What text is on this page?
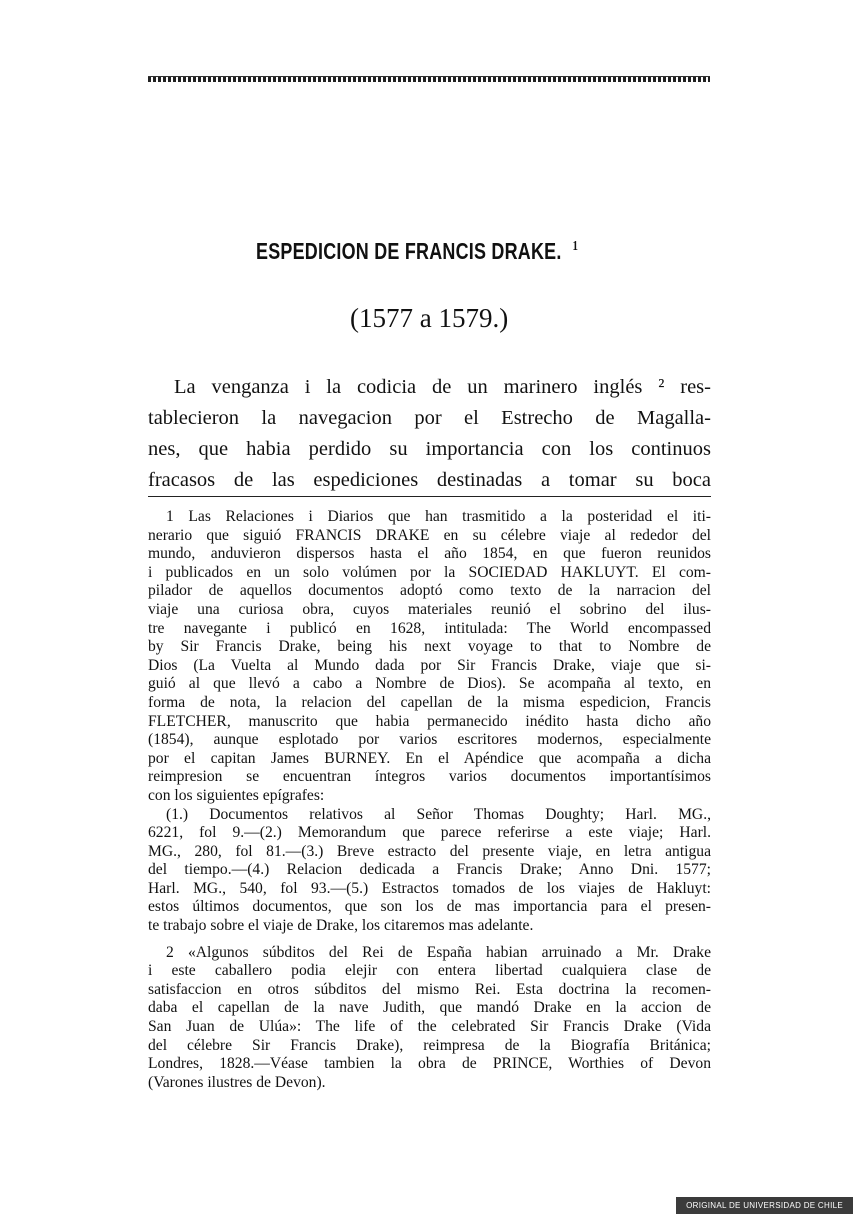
ESPEDICION DE FRANCIS DRAKE. $^1$
(1577 a 1579.)
La venganza i la codicia de un marinero inglés ² res-
tablecieron la navegacion por el Estrecho de Magalla-
nes, que habia perdido su importancia con los continuos
fracasos de las espediciones destinadas a tomar su boca
1 Las Relaciones i Diarios que han trasmitido a la posteridad el iti-
nerario que siguió FRANCIS DRAKE en su célebre viaje al rededor del
mundo, anduvieron dispersos hasta el año 1854, en que fueron reunidos
i publicados en un solo volúmen por la SOCIEDAD HAKLUYT. El com-
pilador de aquellos documentos adoptó como texto de la narracion del
viaje una curiosa obra, cuyos materiales reunió el sobrino del ilus-
tre navegante i publicó en 1628, intitulada: The World encompassed
by Sir Francis Drake, being his next voyage to that to Nombre de
Dios (La Vuelta al Mundo dada por Sir Francis Drake, viaje que si-
guió al que llevó a cabo a Nombre de Dios). Se acompaña al texto, en
forma de nota, la relacion del capellan de la misma espedicion, Francis
FLETCHER, manuscrito que habia permanecido inédito hasta dicho año
(1854), aunque esplotado por varios escritores modernos, especialmente
por el capitan James BURNEY. En el Apéndice que acompaña a dicha
reimpresion se encuentran íntegros varios documentos importantísimos
con los siguientes epígrafes:
(1.) Documentos relativos al Señor Thomas Doughty; Harl. MG.,
6221, fol 9.—(2.) Memorandum que parece referirse a este viaje; Harl.
MG., 280, fol 81.—(3.) Breve estracto del presente viaje, en letra antigua
del tiempo.—(4.) Relacion dedicada a Francis Drake; Anno Dni. 1577;
Harl. MG., 540, fol 93.—(5.) Estractos tomados de los viajes de Hakluyt:
estos últimos documentos, que son los de mas importancia para el presen-
te trabajo sobre el viaje de Drake, los citaremos mas adelante.
2 «Algunos súbditos del Rei de España habian arruinado a Mr. Drake
i este caballero podia elejir con entera libertad cualquiera clase de
satisfaccion en otros súbditos del mismo Rei. Esta doctrina la recomen-
daba el capellan de la nave Judith, que mandó Drake en la accion de
San Juan de Ulúa»: The life of the celebrated Sir Francis Drake (Vida
del célebre Sir Francis Drake), reimpresa de la Biografía Británica;
Londres, 1828.—Véase tambien la obra de PRINCE, Worthies of Devon
(Varones ilustres de Devon).
ORIGINAL DE UNIVERSIDAD DE CHILE
